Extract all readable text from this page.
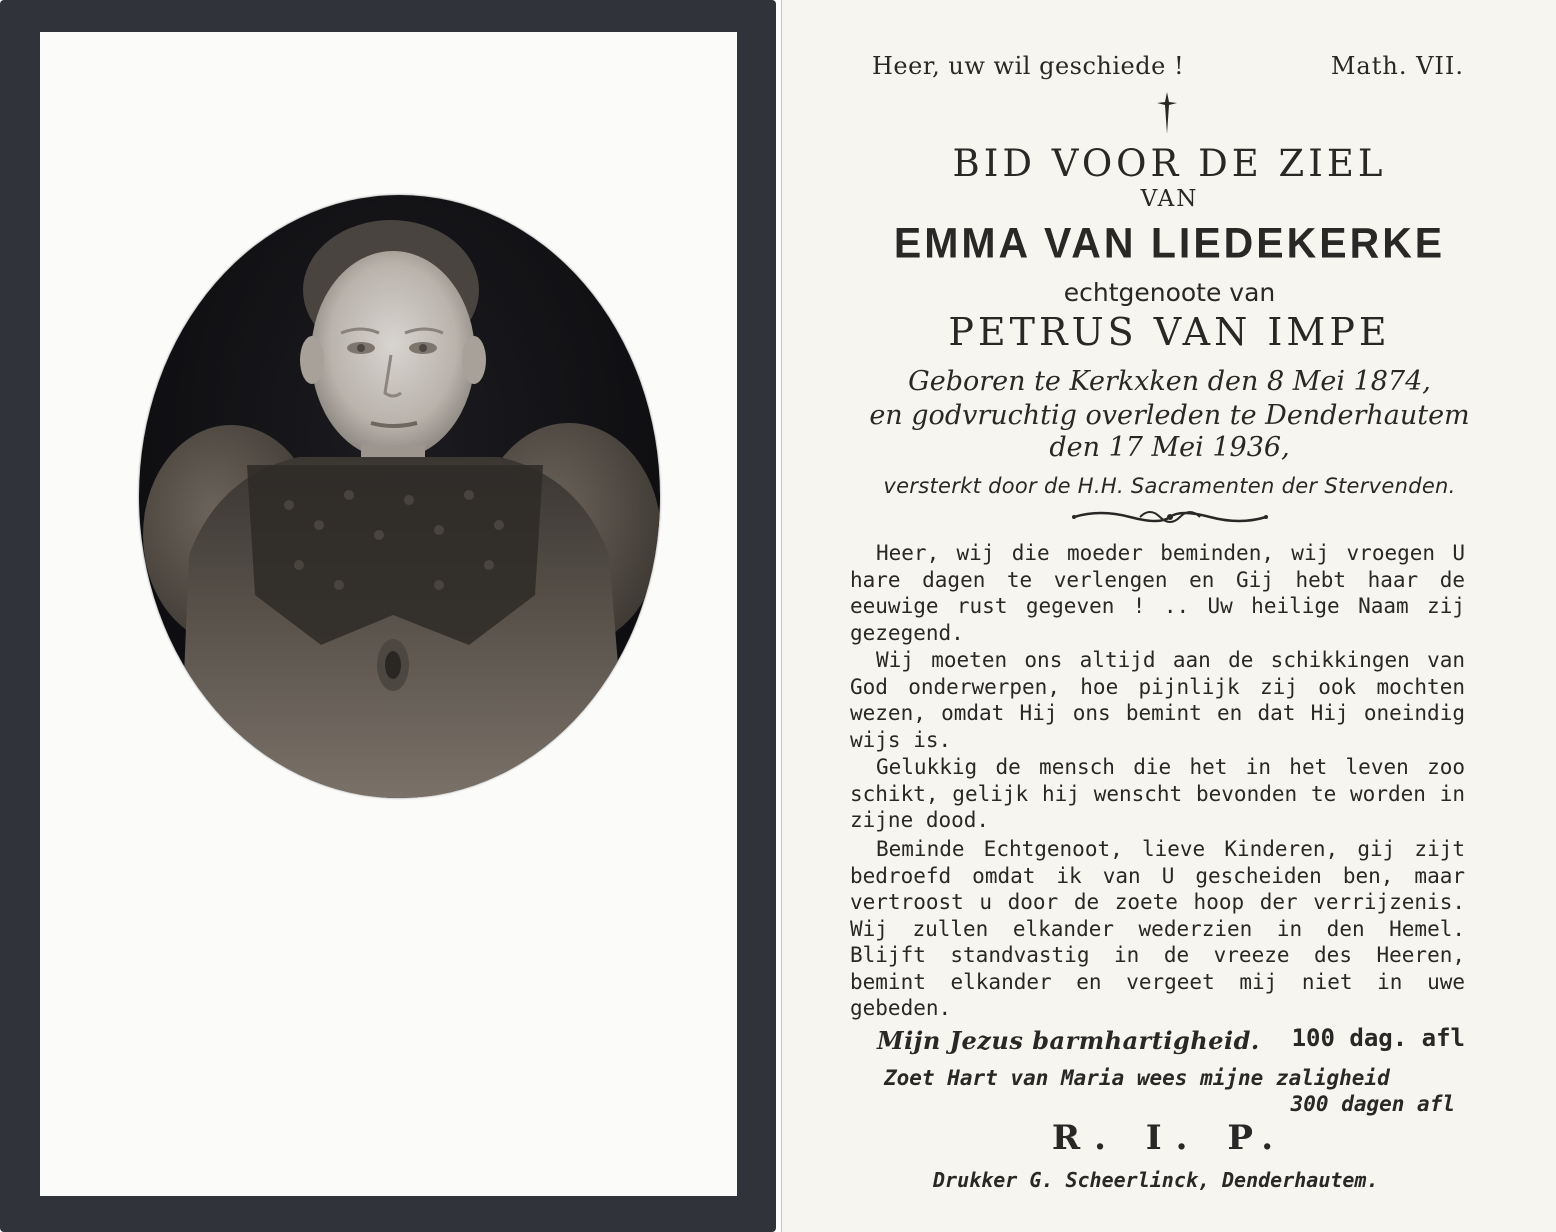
Heer, uw wil geschiede !	Math. VII.
BID VOOR DE ZIEL
VAN
EMMA VAN LIEDEKERKE
echtgenoote van
PETRUS VAN IMPE
Geboren te Kerkxken den 8 Mei 1874,
en godvruchtig overleden te Denderhautem
den 17 Mei 1936,
versterkt door de H.H. Sacramenten der Stervenden.
Heer, wij die moeder beminden, wij vroegen U hare dagen te verlengen en Gij hebt haar de eeuwige rust gegeven ! .. Uw heilige Naam zij gezegend.
Wij moeten ons altijd aan de schikkingen van God onderwerpen, hoe pijnlijk zij ook mochten wezen, omdat Hij ons bemint en dat Hij oneindig wijs is.
Gelukkig de mensch die het in het leven zoo schikt, gelijk hij wenscht bevonden te worden in zijne dood.
Beminde Echtgenoot, lieve Kinderen, gij zijt bedroefd omdat ik van U gescheiden ben, maar vertroost u door de zoete hoop der verrijzenis. Wij zullen elkander wederzien in den Hemel. Blijft standvastig in de vreeze des Heeren, bemint elkander en vergeet mij niet in uwe gebeden.
Mijn Jezus barmhartigheid. 100 dag. afl
Zoet Hart van Maria wees mijne zaligheid
300 dagen afl
R. I. P.
Drukker G. Scheerlinck, Denderhautem.
